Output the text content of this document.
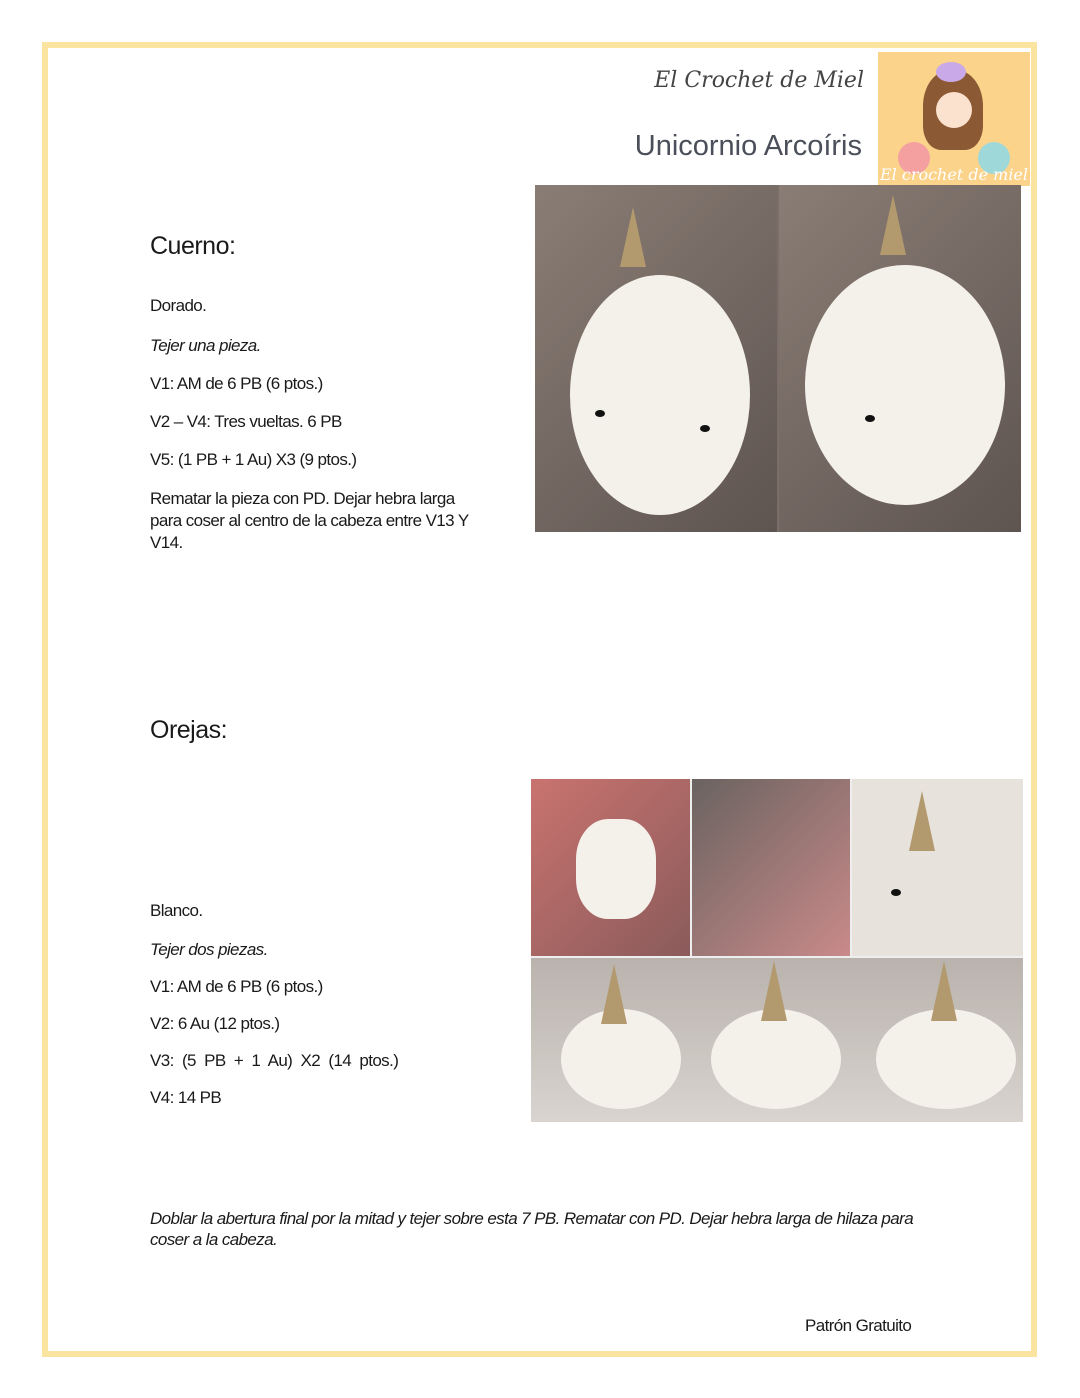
El Crochet de Miel
Unicornio Arcoíris
El crochet de miel
Cuerno:
Dorado.
Tejer una pieza.
V1: AM de 6 PB (6 ptos.)
V2 – V4: Tres vueltas. 6 PB
V5: (1 PB + 1 Au) X3 (9 ptos.)
Rematar la pieza con PD. Dejar hebra larga para coser al centro de la cabeza entre V13 Y V14.
Orejas:
Blanco.
Tejer dos piezas.
V1: AM de 6 PB (6 ptos.)
V2: 6 Au (12 ptos.)
V3:  (5  PB  +  1  Au)  X2  (14  ptos.)
V4: 14 PB
Doblar la abertura final por la mitad y tejer sobre esta 7 PB. Rematar con PD. Dejar hebra larga de hilaza para coser a la cabeza.
Patrón Gratuito
